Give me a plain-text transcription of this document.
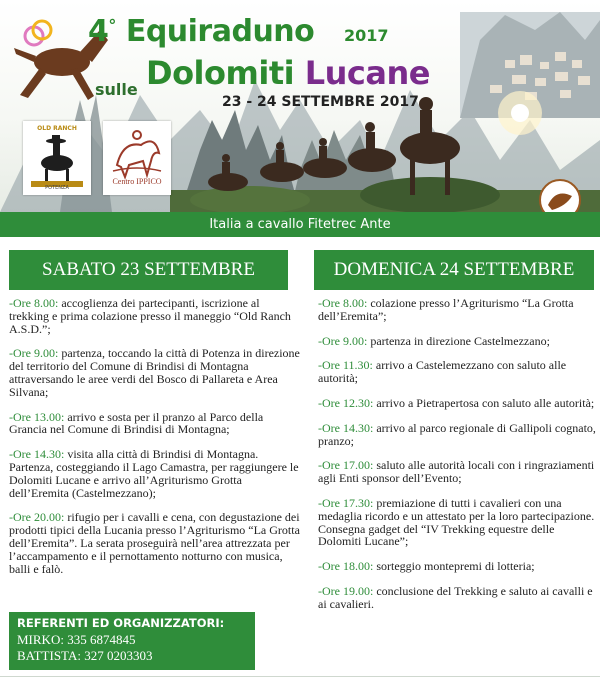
4° Equiraduno 2017
sulle Dolomiti Lucane
23 - 24 SETTEMBRE 2017
OLD RANCH
POTENZA
Centro IPPICO
Italia a cavallo Fitetrec Ante
SABATO 23 SETTEMBRE	DOMENICA 24 SETTEMBRE
-Ore 8.00: accoglienza dei partecipanti, iscrizione al trekking e prima colazione presso il maneggio “Old Ranch A.S.D.”;
-Ore 9.00: partenza, toccando la città di Potenza in direzione del territorio del Comune di Brindisi di Montagna attraversando le aree verdi del Bosco di Pallareta e Area Silvana;
-Ore 13.00: arrivo e sosta per il pranzo al Parco della Grancia nel Comune di Brindisi di Montagna;
-Ore 14.30: visita alla città di Brindisi di Montagna. Partenza, costeggiando il Lago Camastra, per raggiungere le Dolomiti Lucane e arrivo all’Agriturismo Grotta dell’Eremita (Castelmezzano);
-Ore 20.00: rifugio per i cavalli e cena, con degustazione dei prodotti tipici della Lucania presso l’Agriturismo “La Grotta dell’Eremita”. La serata proseguirà nell’area attrezzata per l’accampamento e il pernottamento notturno con musica, balli e falò.
-Ore 8.00: colazione presso l’Agriturismo “La Grotta dell’Eremita”;
-Ore 9.00: partenza in direzione Castelmezzano;
-Ore 11.30: arrivo a Castelemezzano con saluto alle autorità;
-Ore 12.30: arrivo a Pietrapertosa con saluto alle autorità;
-Ore 14.30: arrivo al parco regionale di Gallipoli cognato, pranzo;
-Ore 17.00: saluto alle autorità locali con i ringraziamenti agli Enti sponsor dell’Evento;
-Ore 17.30: premiazione di tutti i cavalieri con una medaglia ricordo e un attestato per la loro partecipazione. Consegna gadget del “IV Trekking equestre delle Dolomiti Lucane”;
-Ore 18.00: sorteggio montepremi di lotteria;
-Ore 19.00: conclusione del Trekking e saluto ai cavalli e ai cavalieri.
REFERENTI ED ORGANIZZATORI:
MIRKO: 335 6874845
BATTISTA: 327 0203303
